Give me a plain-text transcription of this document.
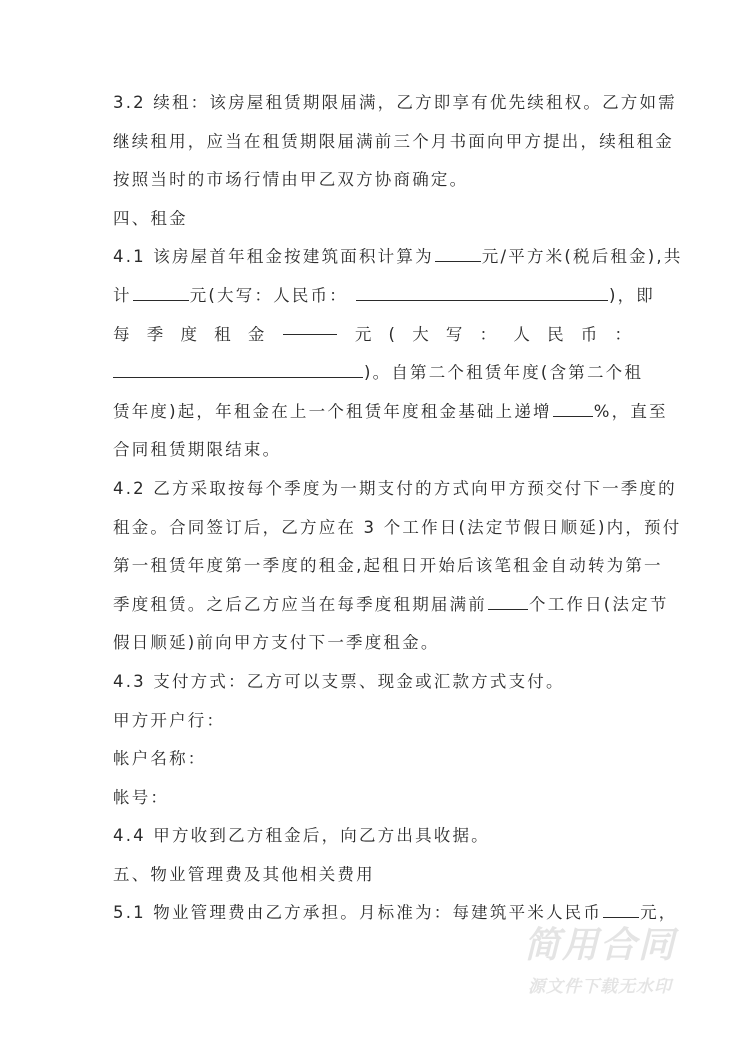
3.2 续租：该房屋租赁期限届满，乙方即享有优先续租权。乙方如需
继续租用，应当在租赁期限届满前三个月书面向甲方提出，续租租金
按照当时的市场行情由甲乙双方协商确定。
四、租金
4.1 该房屋首年租金按建筑面积计算为	元/平方米(税后租金),共
计	元(大写：人民币：	)，即
每 季 度 租 金	元 ( 大 写 ： 人 民 币 ：
)。自第二个租赁年度(含第二个租
赁年度)起，年租金在上一个租赁年度租金基础上递增	%，直至
合同租赁期限结束。
4.2 乙方采取按每个季度为一期支付的方式向甲方预交付下一季度的
租金。合同签订后，乙方应在 3 个工作日(法定节假日顺延)内，预付
第一租赁年度第一季度的租金,起租日开始后该笔租金自动转为第一
季度租赁。之后乙方应当在每季度租期届满前	个工作日(法定节
假日顺延)前向甲方支付下一季度租金。
4.3 支付方式：乙方可以支票、现金或汇款方式支付。
甲方开户行：
帐户名称：
帐号：
4.4 甲方收到乙方租金后，向乙方出具收据。
五、物业管理费及其他相关费用
5.1 物业管理费由乙方承担。月标准为：每建筑平米人民币 元，
简用合同
源文件下载无水印
